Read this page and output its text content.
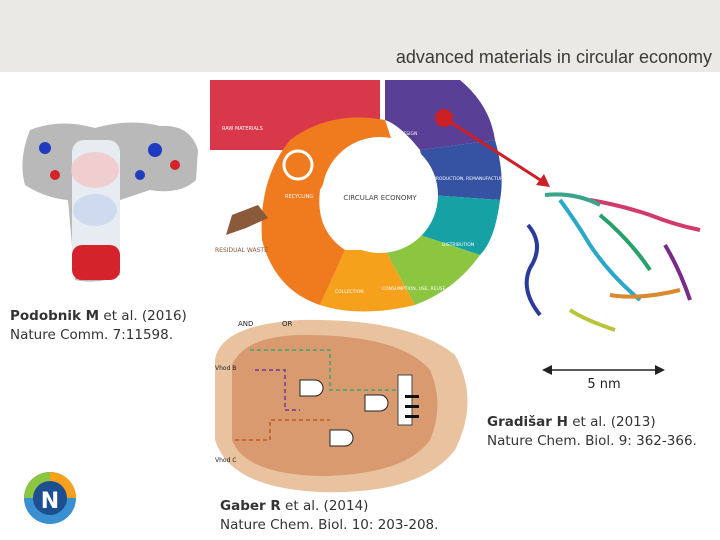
advanced materials in circular economy
CIRCULAR ECONOMY
RAW MATERIALS
DESIGN
PRODUCTION, REMANUFACTURING
DISTRIBUTION
CONSUMPTION, USE, REUSE, REPAIR
COLLECTION
RECYCLING
RESIDUAL WASTE
5 nm
AND	OR
Vhod B
Vhod C
N
Podobnik M et al. (2016)
Nature Comm. 7:11598.
Gradišar H et al. (2013)
Nature Chem. Biol. 9: 362-366.
Gaber R et al. (2014)
Nature Chem. Biol. 10: 203-208.
